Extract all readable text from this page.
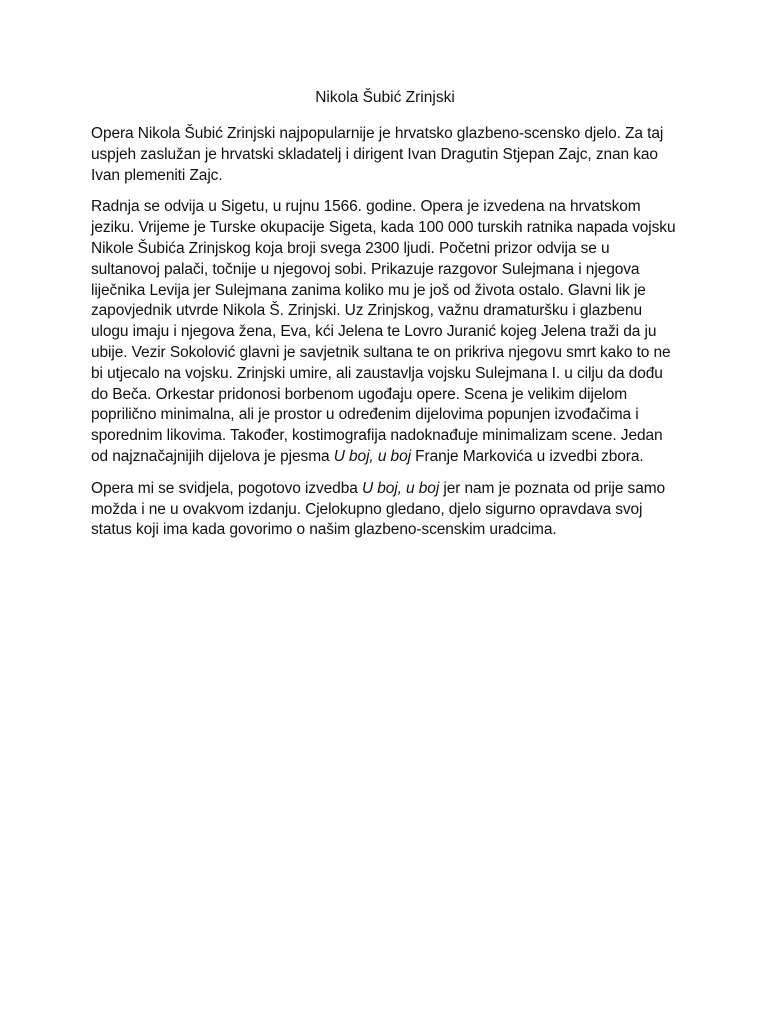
Nikola Šubić Zrinjski

Opera Nikola Šubić Zrinjski najpopularnije je hrvatsko glazbeno-scensko djelo. Za taj uspjeh zaslužan je hrvatski skladatelj i dirigent Ivan Dragutin Stjepan Zajc, znan kao Ivan plemeniti Zajc.

Radnja se odvija u Sigetu, u rujnu 1566. godine. Opera je izvedena na hrvatskom jeziku. Vrijeme je Turske okupacije Sigeta, kada 100 000 turskih ratnika napada vojsku Nikole Šubića Zrinjskog koja broji svega 2300 ljudi. Početni prizor odvija se u sultanovoj palači, točnije u njegovoj sobi. Prikazuje razgovor Sulejmana i njegova liječnika Levija jer Sulejmana zanima koliko mu je još od života ostalo. Glavni lik je zapovjednik utvrde Nikola Š. Zrinjski. Uz Zrinjskog, važnu dramaturšku i glazbenu ulogu imaju i njegova žena, Eva, kći Jelena te Lovro Juranić kojeg Jelena traži da ju ubije. Vezir Sokolović glavni je savjetnik sultana te on prikriva njegovu smrt kako to ne bi utjecalo na vojsku. Zrinjski umire, ali zaustavlja vojsku Sulejmana I. u cilju da dođu do Beča. Orkestar pridonosi borbenom ugođaju opere. Scena je velikim dijelom poprilično minimalna, ali je prostor u određenim dijelovima popunjen izvođačima i sporednim likovima. Također, kostimografija nadoknađuje minimalizam scene. Jedan od najznačajnijih dijelova je pjesma U boj, u boj Franje Markovića u izvedbi zbora.

Opera mi se svidjela, pogotovo izvedba U boj, u boj jer nam je poznata od prije samo možda i ne u ovakvom izdanju. Cjelokupno gledano, djelo sigurno opravdava svoj status koji ima kada govorimo o našim glazbeno-scenskim uradcima.
